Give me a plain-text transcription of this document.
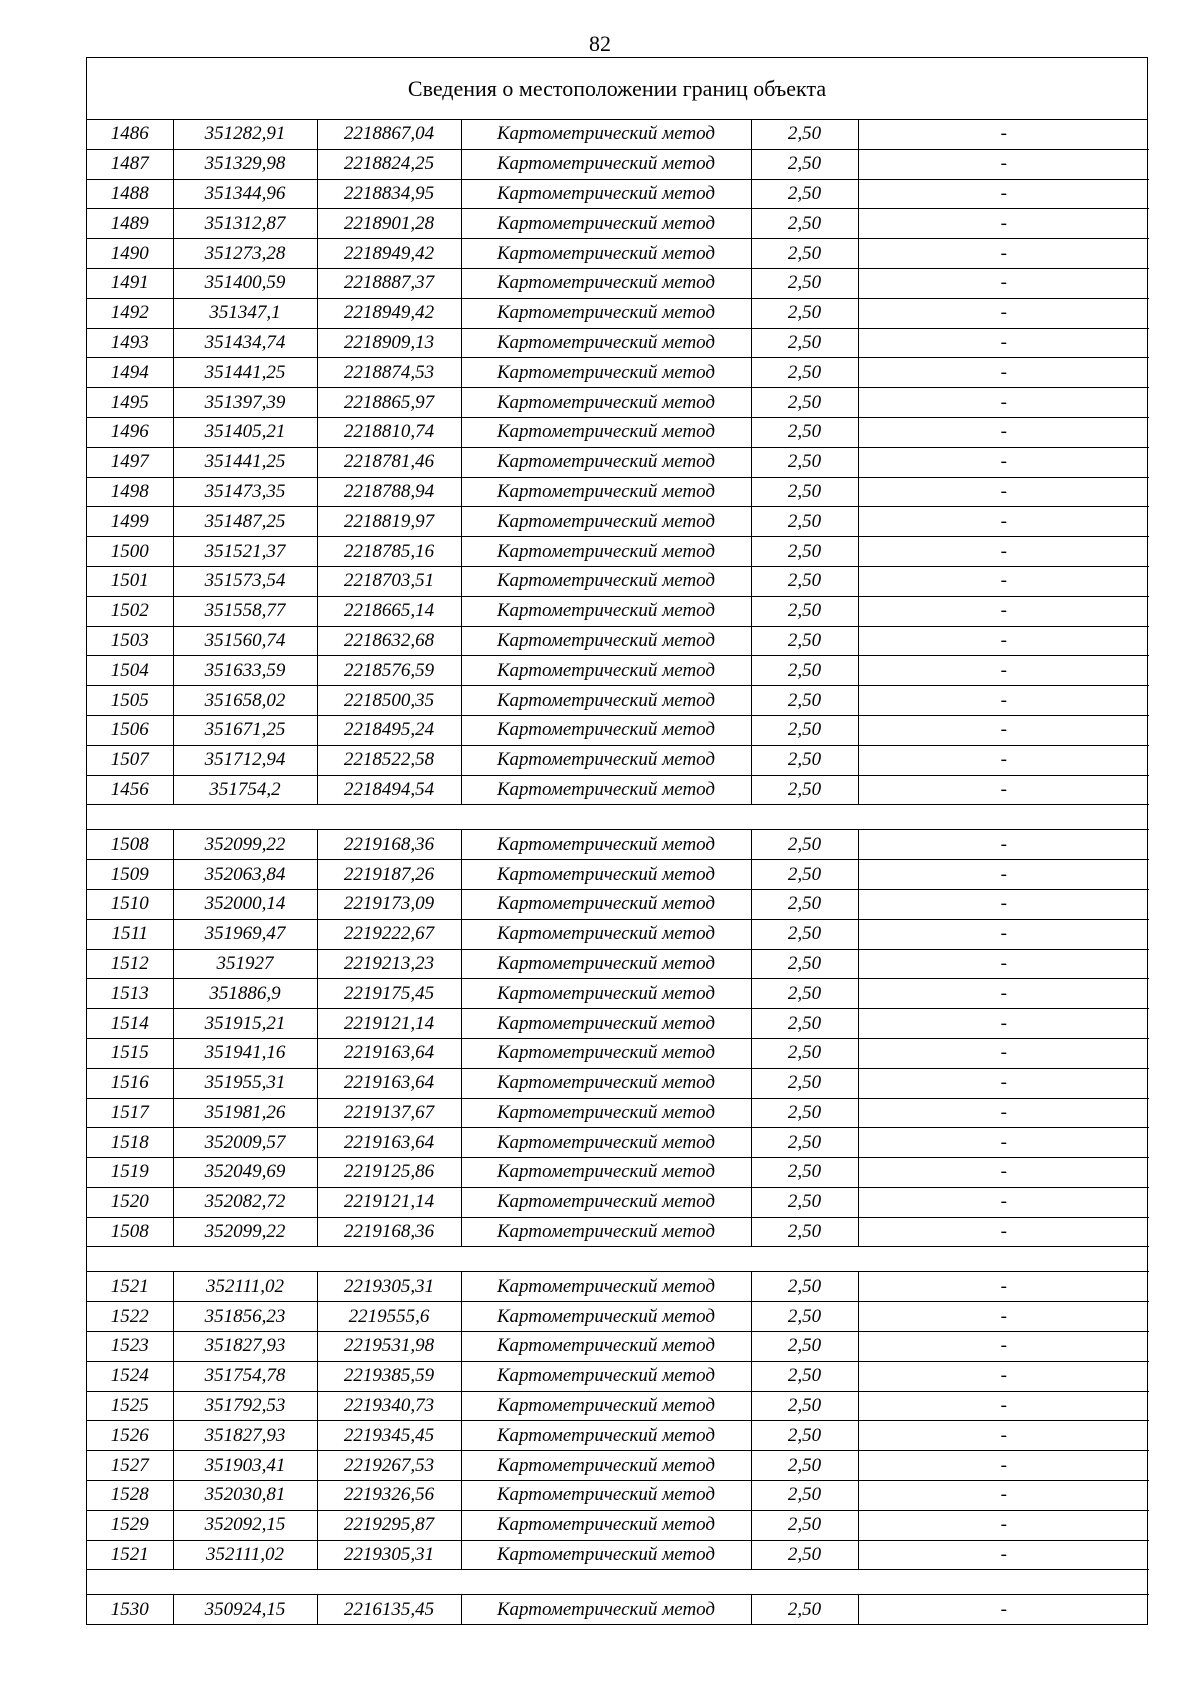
82
Сведения о местоположении границ объекта
1486	351282,91	2218867,04	Картометрический метод	2,50	-
1487	351329,98	2218824,25	Картометрический метод	2,50	-
1488	351344,96	2218834,95	Картометрический метод	2,50	-
1489	351312,87	2218901,28	Картометрический метод	2,50	-
1490	351273,28	2218949,42	Картометрический метод	2,50	-
1491	351400,59	2218887,37	Картометрический метод	2,50	-
1492	351347,1	2218949,42	Картометрический метод	2,50	-
1493	351434,74	2218909,13	Картометрический метод	2,50	-
1494	351441,25	2218874,53	Картометрический метод	2,50	-
1495	351397,39	2218865,97	Картометрический метод	2,50	-
1496	351405,21	2218810,74	Картометрический метод	2,50	-
1497	351441,25	2218781,46	Картометрический метод	2,50	-
1498	351473,35	2218788,94	Картометрический метод	2,50	-
1499	351487,25	2218819,97	Картометрический метод	2,50	-
1500	351521,37	2218785,16	Картометрический метод	2,50	-
1501	351573,54	2218703,51	Картометрический метод	2,50	-
1502	351558,77	2218665,14	Картометрический метод	2,50	-
1503	351560,74	2218632,68	Картометрический метод	2,50	-
1504	351633,59	2218576,59	Картометрический метод	2,50	-
1505	351658,02	2218500,35	Картометрический метод	2,50	-
1506	351671,25	2218495,24	Картометрический метод	2,50	-
1507	351712,94	2218522,58	Картометрический метод	2,50	-
1456	351754,2	2218494,54	Картометрический метод	2,50	-

1508	352099,22	2219168,36	Картометрический метод	2,50	-
1509	352063,84	2219187,26	Картометрический метод	2,50	-
1510	352000,14	2219173,09	Картометрический метод	2,50	-
1511	351969,47	2219222,67	Картометрический метод	2,50	-
1512	351927	2219213,23	Картометрический метод	2,50	-
1513	351886,9	2219175,45	Картометрический метод	2,50	-
1514	351915,21	2219121,14	Картометрический метод	2,50	-
1515	351941,16	2219163,64	Картометрический метод	2,50	-
1516	351955,31	2219163,64	Картометрический метод	2,50	-
1517	351981,26	2219137,67	Картометрический метод	2,50	-
1518	352009,57	2219163,64	Картометрический метод	2,50	-
1519	352049,69	2219125,86	Картометрический метод	2,50	-
1520	352082,72	2219121,14	Картометрический метод	2,50	-
1508	352099,22	2219168,36	Картометрический метод	2,50	-

1521	352111,02	2219305,31	Картометрический метод	2,50	-
1522	351856,23	2219555,6	Картометрический метод	2,50	-
1523	351827,93	2219531,98	Картометрический метод	2,50	-
1524	351754,78	2219385,59	Картометрический метод	2,50	-
1525	351792,53	2219340,73	Картометрический метод	2,50	-
1526	351827,93	2219345,45	Картометрический метод	2,50	-
1527	351903,41	2219267,53	Картометрический метод	2,50	-
1528	352030,81	2219326,56	Картометрический метод	2,50	-
1529	352092,15	2219295,87	Картометрический метод	2,50	-
1521	352111,02	2219305,31	Картометрический метод	2,50	-

1530	350924,15	2216135,45	Картометрический метод	2,50	-
